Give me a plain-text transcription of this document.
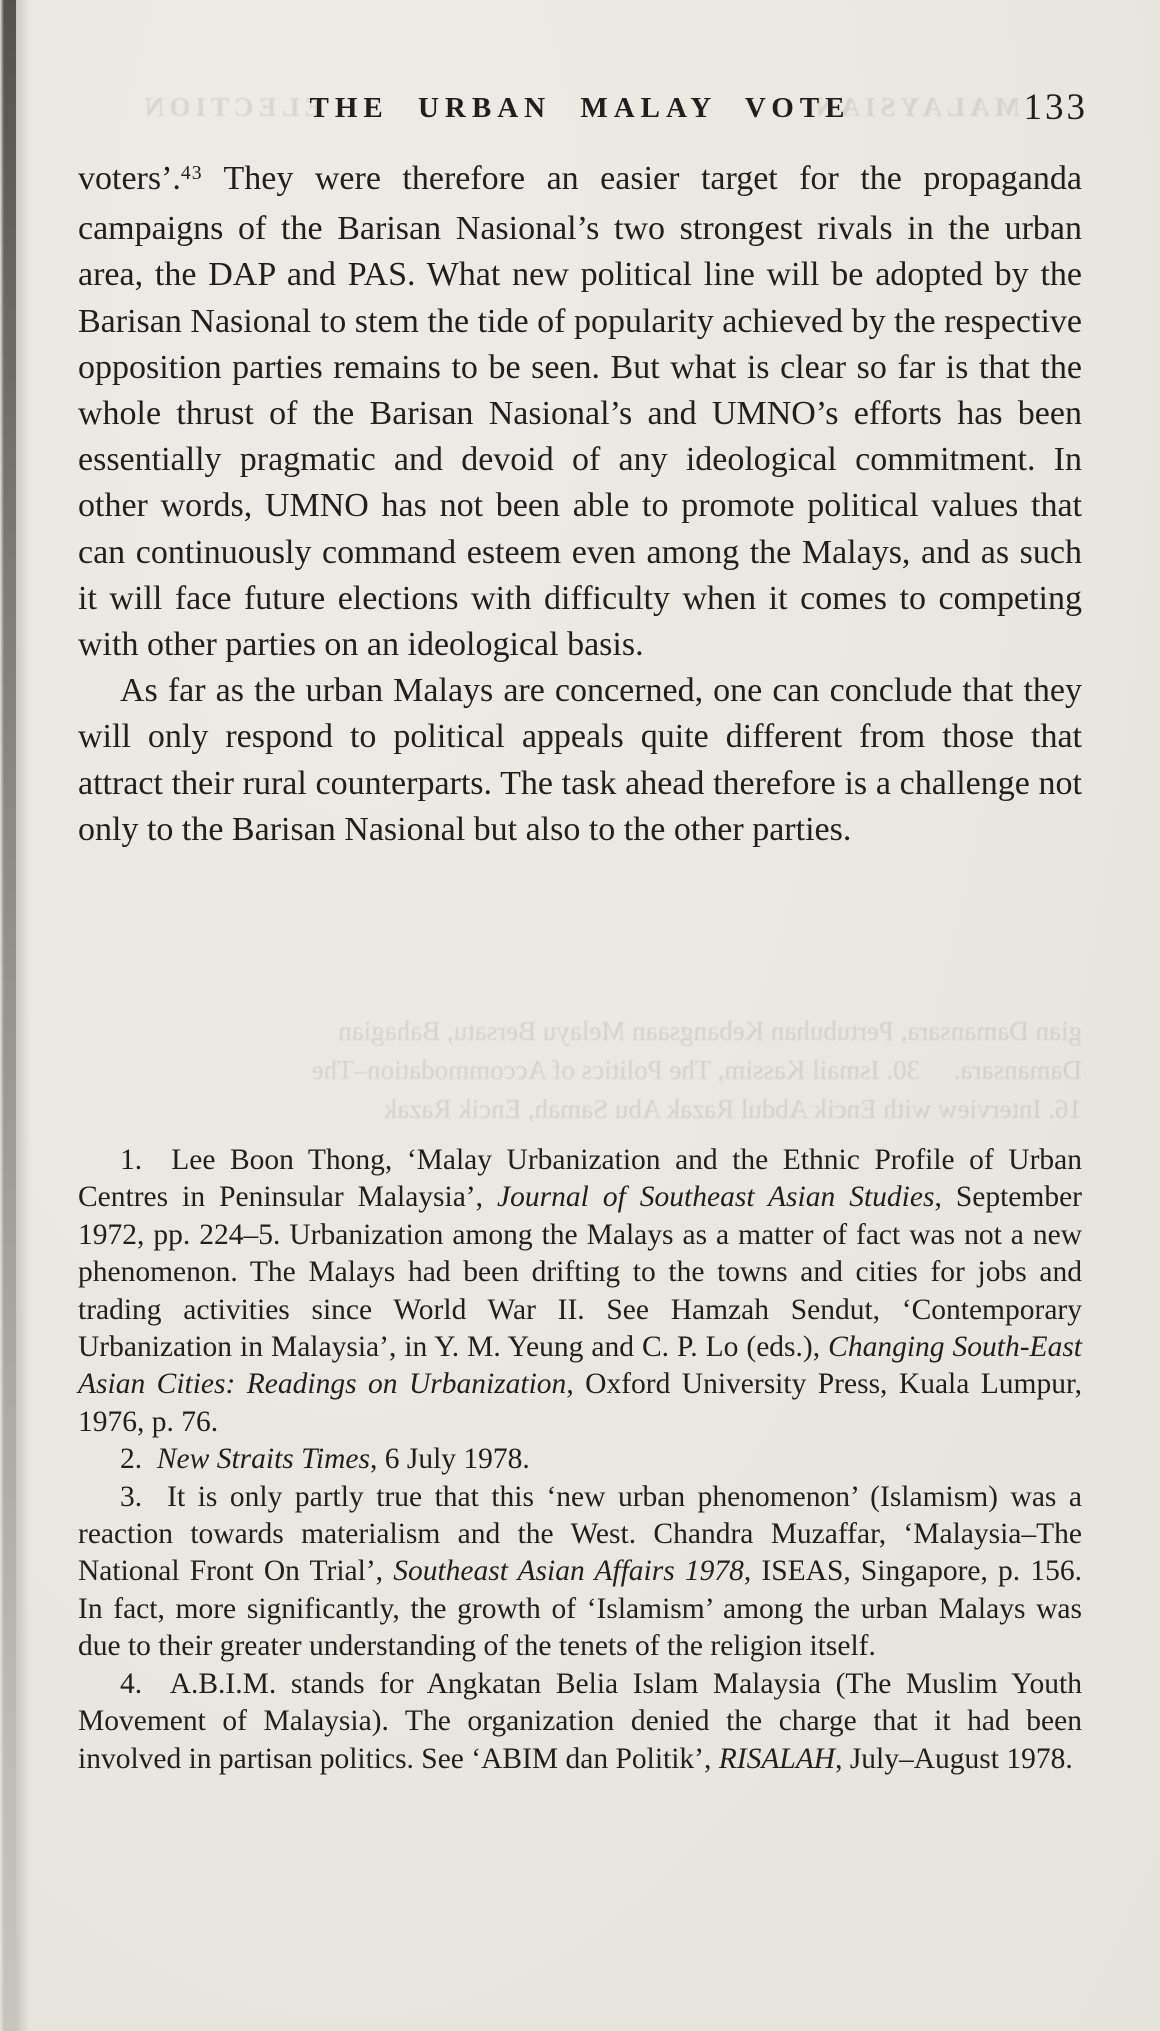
MALAYSIAN
ELECTION
THE URBAN MALAY VOTE	133

voters’.$^{43}$ They were therefore an easier target for the propaganda campaigns of the Barisan Nasional’s two strongest rivals in the urban area, the DAP and PAS. What new political line will be adopted by the Barisan Nasional to stem the tide of popularity achieved by the respective opposition parties remains to be seen. But what is clear so far is that the whole thrust of the Barisan Nasional’s and UMNO’s efforts has been essentially pragmatic and devoid of any ideological commitment. In other words, UMNO has not been able to promote political values that can continuously command esteem even among the Malays, and as such it will face future elections with difficulty when it comes to competing with other parties on an ideological basis.

As far as the urban Malays are concerned, one can conclude that they will only respond to political appeals quite different from those that attract their rural counterparts. The task ahead therefore is a challenge not only to the Barisan Nasional but also to the other parties.

gian Damansara, Pertubuhan Kebangsaan Melayu Bersatu, Bahagian
Damansara.  30. Ismail Kassim, The Politics of Accommodation–The
16. Interview with Encik Abdul Razak Abu Samah, Encik Razak

1.  Lee Boon Thong, ‘Malay Urbanization and the Ethnic Profile of Urban Centres in Peninsular Malaysia’, Journal of Southeast Asian Studies, September 1972, pp. 224–5. Urbanization among the Malays as a matter of fact was not a new phenomenon. The Malays had been drifting to the towns and cities for jobs and trading activities since World War II. See Hamzah Sendut, ‘Contemporary Urbanization in Malaysia’, in Y. M. Yeung and C. P. Lo (eds.), Changing South-East Asian Cities: Readings on Urbanization, Oxford University Press, Kuala Lumpur, 1976, p. 76.

2.  New Straits Times, 6 July 1978.

3.  It is only partly true that this ‘new urban phenomenon’ (Islamism) was a reaction towards materialism and the West. Chandra Muzaffar, ‘Malaysia–The National Front On Trial’, Southeast Asian Affairs 1978, ISEAS, Singapore, p. 156. In fact, more significantly, the growth of ‘Islamism’ among the urban Malays was due to their greater understanding of the tenets of the religion itself.

4.  A.B.I.M. stands for Angkatan Belia Islam Malaysia (The Muslim Youth Movement of Malaysia). The organization denied the charge that it had been involved in partisan politics. See ‘ABIM dan Politik’, RISALAH, July–August 1978.
